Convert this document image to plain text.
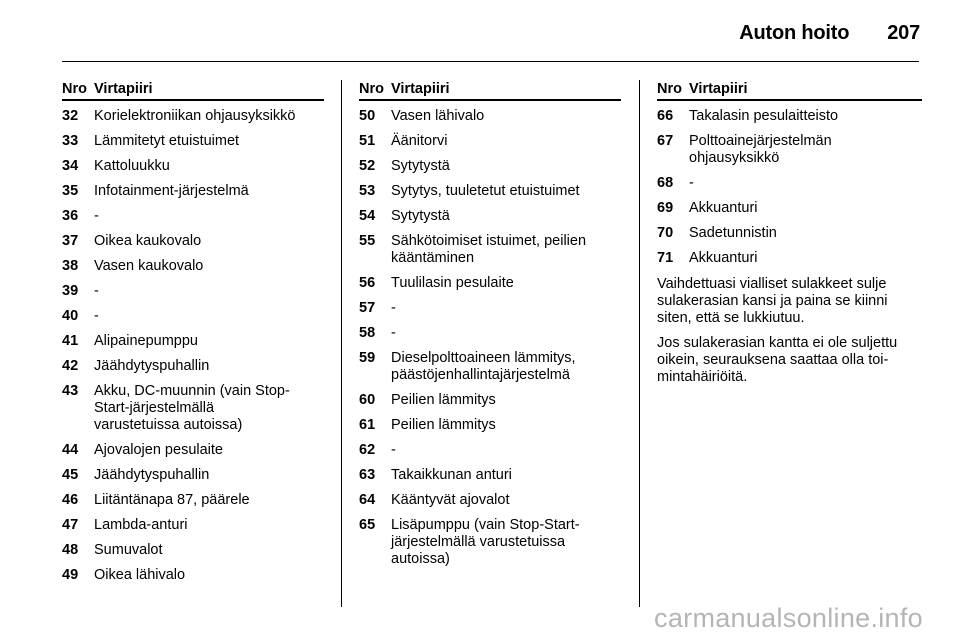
Auton hoito 207
Nro Virtapiiri
32	Korielektroniikan ohjausyksikkö
33	Lämmitetyt etuistuimet
34	Kattoluukku
35	Infotainment-järjestelmä
36	-
37	Oikea kaukovalo
38	Vasen kaukovalo
39	-
40	-
41	Alipainepumppu
42	Jäähdytyspuhallin
43	Akku, DC-muunnin (vain Stop-
Start-järjestelmällä
varustetuissa autoissa)
44	Ajovalojen pesulaite
45	Jäähdytyspuhallin
46	Liitäntänapa 87, päärele
47	Lambda-anturi
48	Sumuvalot
49	Oikea lähivalo
Nro Virtapiiri
50	Vasen lähivalo
51	Äänitorvi
52	Sytytystä
53	Sytytys, tuuletetut etuistuimet
54	Sytytystä
55	Sähkötoimiset istuimet, peilien
kääntäminen
56	Tuulilasin pesulaite
57	-
58	-
59	Dieselpolttoaineen lämmitys,
päästöjenhallintajärjestelmä
60	Peilien lämmitys
61	Peilien lämmitys
62	-
63	Takaikkunan anturi
64	Kääntyvät ajovalot
65	Lisäpumppu (vain Stop-Start-
järjestelmällä varustetuissa
autoissa)
Nro Virtapiiri
66	Takalasin pesulaitteisto
67	Polttoainejärjestelmän
ohjausyksikkö
68	-
69	Akkuanturi
70	Sadetunnistin
71	Akkuanturi

Vaihdettuasi vialliset sulakkeet sulje
sulakerasian kansi ja paina se kiinni
siten, että se lukkiutuu.

Jos sulakerasian kantta ei ole suljettu
oikein, seurauksena saattaa olla toi-
mintahäiriöitä.

carmanualsonline.info
